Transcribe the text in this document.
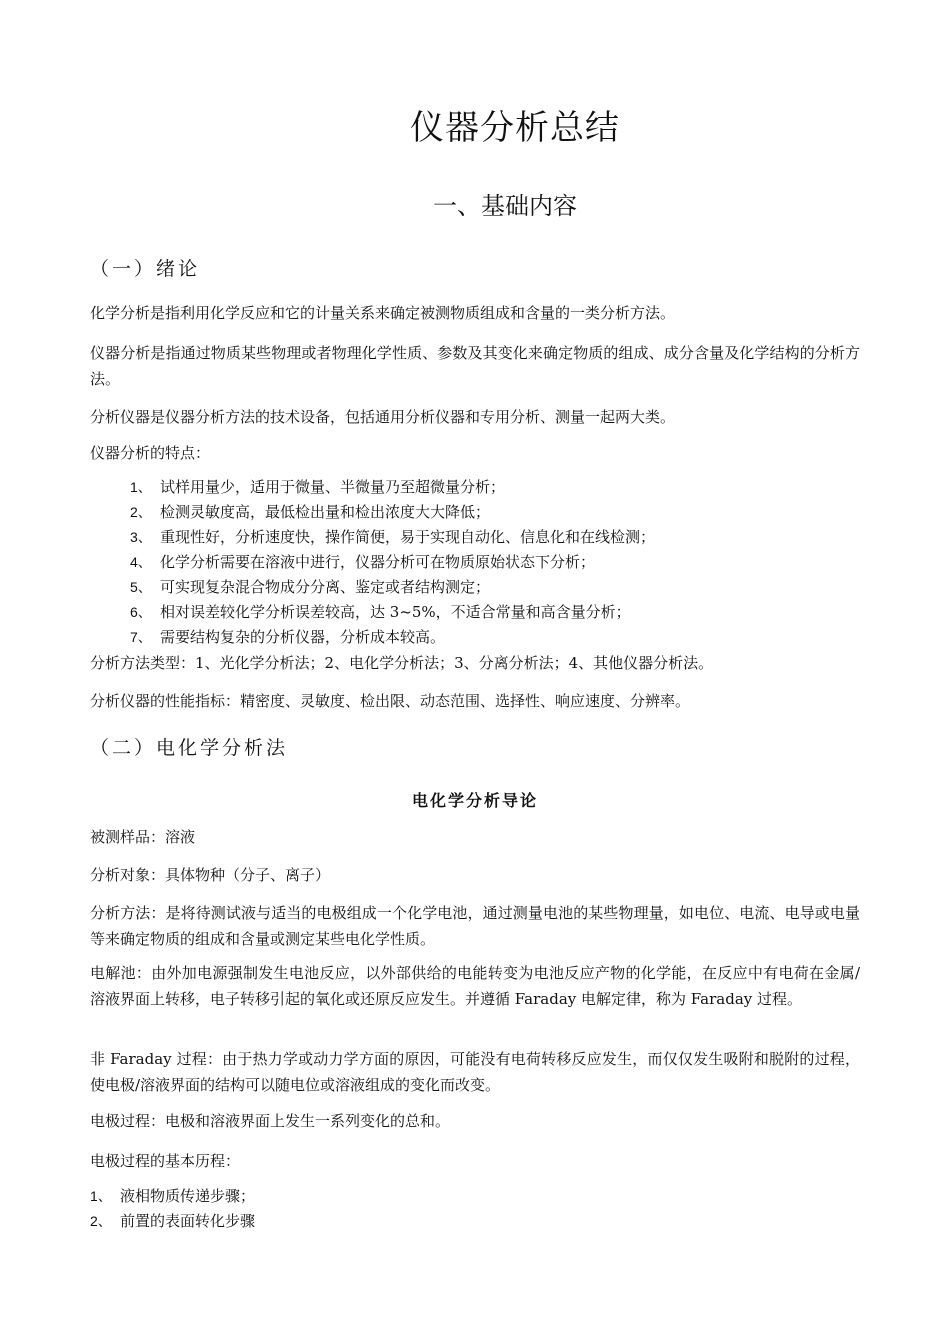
仪器分析总结
一、基础内容
（一）绪论

化学分析是指利用化学反应和它的计量关系来确定被测物质组成和含量的一类分析方法。

仪器分析是指通过物质某些物理或者物理化学性质、参数及其变化来确定物质的组成、成分含量及化学结构的分析方法。

分析仪器是仪器分析方法的技术设备，包括通用分析仪器和专用分析、测量一起两大类。

仪器分析的特点：

1、 试样用量少，适用于微量、半微量乃至超微量分析；
2、 检测灵敏度高，最低检出量和检出浓度大大降低；
3、 重现性好，分析速度快，操作简便，易于实现自动化、信息化和在线检测；
4、 化学分析需要在溶液中进行，仪器分析可在物质原始状态下分析；
5、 可实现复杂混合物成分分离、鉴定或者结构测定；
6、 相对误差较化学分析误差较高，达 3~5%，不适合常量和高含量分析；
7、 需要结构复杂的分析仪器，分析成本较高。

分析方法类型：1、光化学分析法；2、电化学分析法；3、分离分析法；4、其他仪器分析法。

分析仪器的性能指标：精密度、灵敏度、检出限、动态范围、选择性、响应速度、分辨率。

（二）电化学分析法
电化学分析导论

被测样品：溶液

分析对象：具体物种（分子、离子）

分析方法：是将待测试液与适当的电极组成一个化学电池，通过测量电池的某些物理量，如电位、电流、电导或电量等来确定物质的组成和含量或测定某些电化学性质。

电解池：由外加电源强制发生电池反应，以外部供给的电能转变为电池反应产物的化学能，在反应中有电荷在金属/溶液界面上转移，电子转移引起的氧化或还原反应发生。并遵循 Faraday 电解定律，称为 Faraday 过程。

非 Faraday 过程：由于热力学或动力学方面的原因，可能没有电荷转移反应发生，而仅仅发生吸附和脱附的过程，使电极/溶液界面的结构可以随电位或溶液组成的变化而改变。

电极过程：电极和溶液界面上发生一系列变化的总和。

电极过程的基本历程：

1、 液相物质传递步骤；
2、 前置的表面转化步骤
